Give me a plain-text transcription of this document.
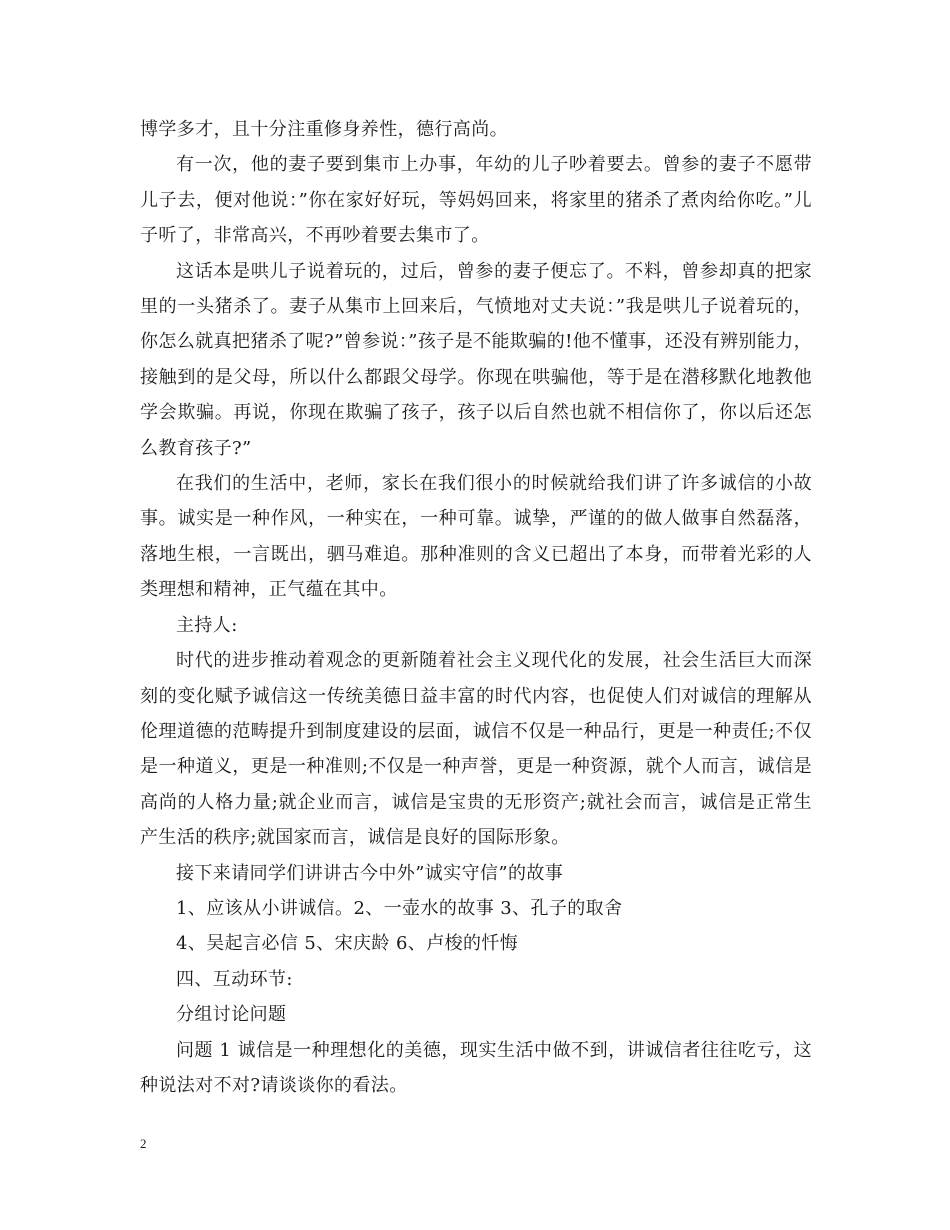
博学多才，且十分注重修身养性，德行高尚。

有一次，他的妻子要到集市上办事，年幼的儿子吵着要去。曾参的妻子不愿带儿子去，便对他说：”你在家好好玩，等妈妈回来，将家里的猪杀了煮肉给你吃。”儿子听了，非常高兴，不再吵着要去集市了。

这话本是哄儿子说着玩的，过后，曾参的妻子便忘了。不料，曾参却真的把家里的一头猪杀了。妻子从集市上回来后，气愤地对丈夫说：”我是哄儿子说着玩的，你怎么就真把猪杀了呢?”曾参说：”孩子是不能欺骗的!他不懂事，还没有辨别能力，接触到的是父母，所以什么都跟父母学。你现在哄骗他，等于是在潜移默化地教他学会欺骗。再说，你现在欺骗了孩子，孩子以后自然也就不相信你了，你以后还怎么教育孩子?”

在我们的生活中，老师，家长在我们很小的时候就给我们讲了许多诚信的小故事。诚实是一种作风，一种实在，一种可靠。诚挚，严谨的的做人做事自然磊落，落地生根，一言既出，驷马难追。那种准则的含义已超出了本身，而带着光彩的人类理想和精神，正气蕴在其中。

主持人:

时代的进步推动着观念的更新随着社会主义现代化的发展，社会生活巨大而深刻的变化赋予诚信这一传统美德日益丰富的时代内容，也促使人们对诚信的理解从伦理道德的范畴提升到制度建设的层面，诚信不仅是一种品行，更是一种责任;不仅是一种道义，更是一种准则;不仅是一种声誉，更是一种资源，就个人而言，诚信是高尚的人格力量;就企业而言，诚信是宝贵的无形资产;就社会而言，诚信是正常生产生活的秩序;就国家而言，诚信是良好的国际形象。

接下来请同学们讲讲古今中外”诚实守信”的故事

1、应该从小讲诚信。2、一壶水的故事 3、孔子的取舍

4、吴起言必信 5、宋庆龄 6、卢梭的忏悔

四、互动环节:

分组讨论问题

问题 1 诚信是一种理想化的美德，现实生活中做不到，讲诚信者往往吃亏，这种说法对不对?请谈谈你的看法。

2
